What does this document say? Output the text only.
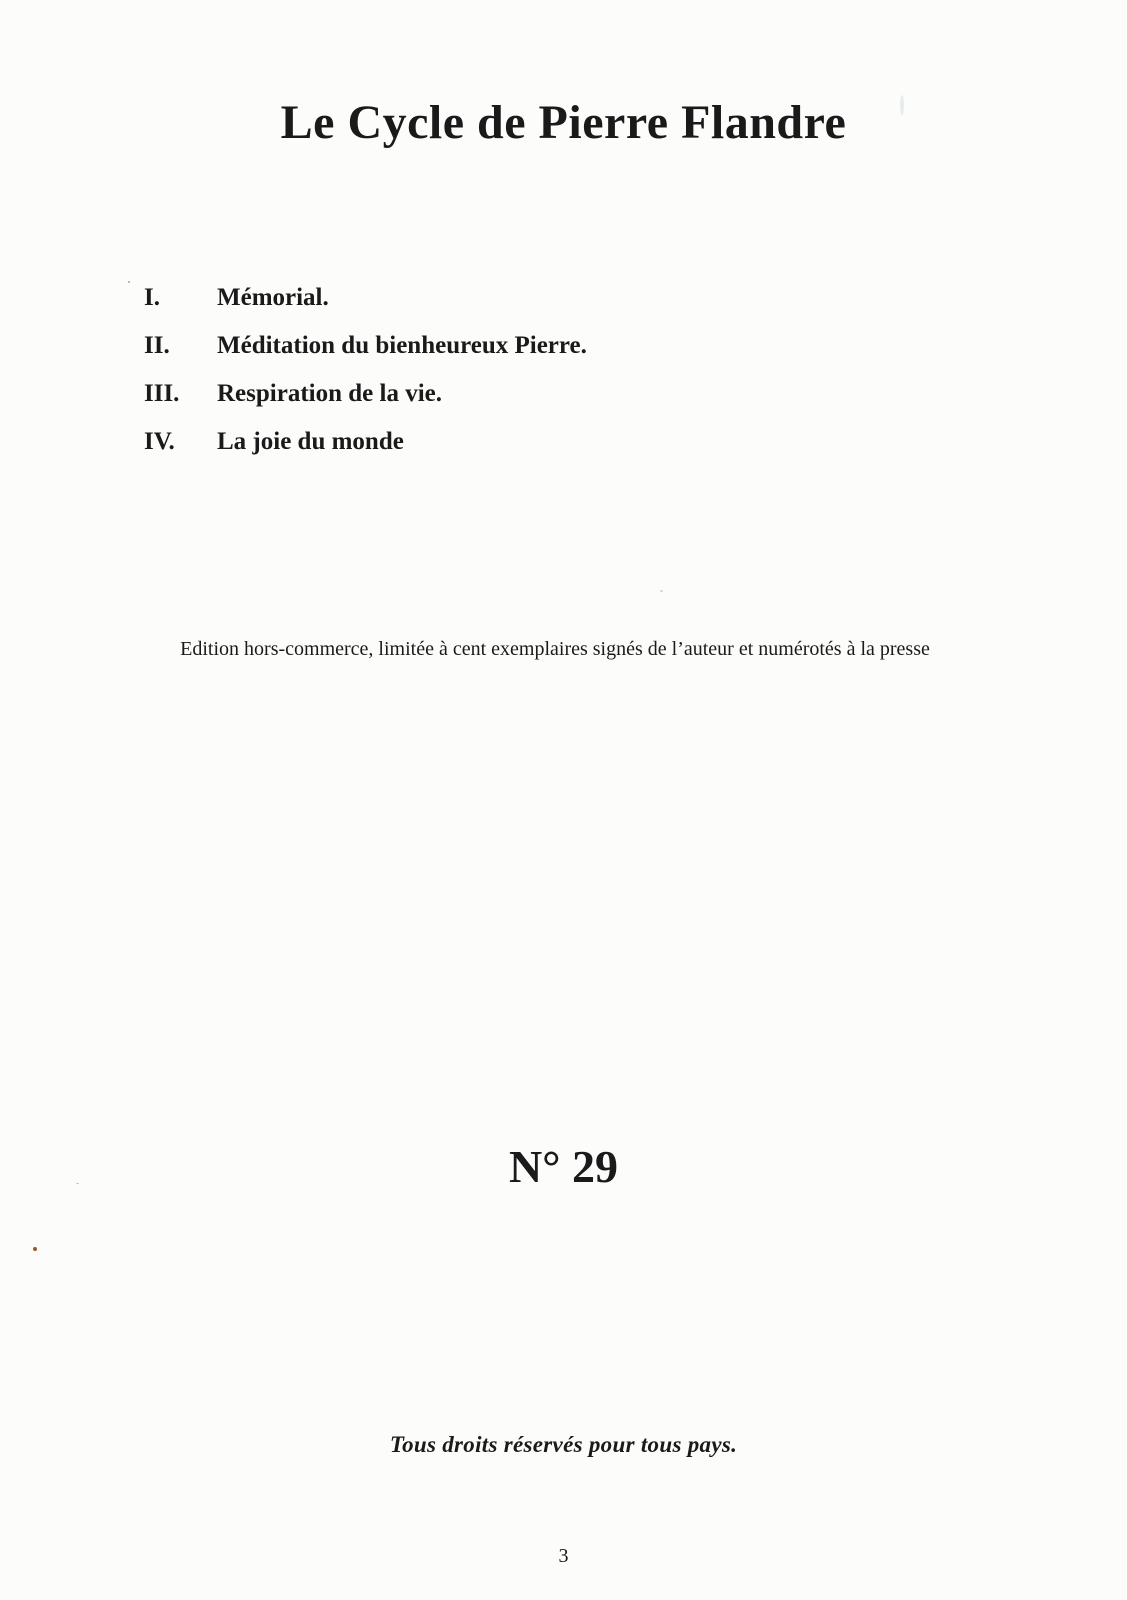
Le Cycle de Pierre Flandre
I.	Mémorial.
II.	Méditation du bienheureux Pierre.
III.	Respiration de la vie.
IV.	La joie du monde

Edition hors-commerce, limitée à cent exemplaires signés de l’auteur et numérotés à la presse

N° 29

Tous droits réservés pour tous pays.

3
